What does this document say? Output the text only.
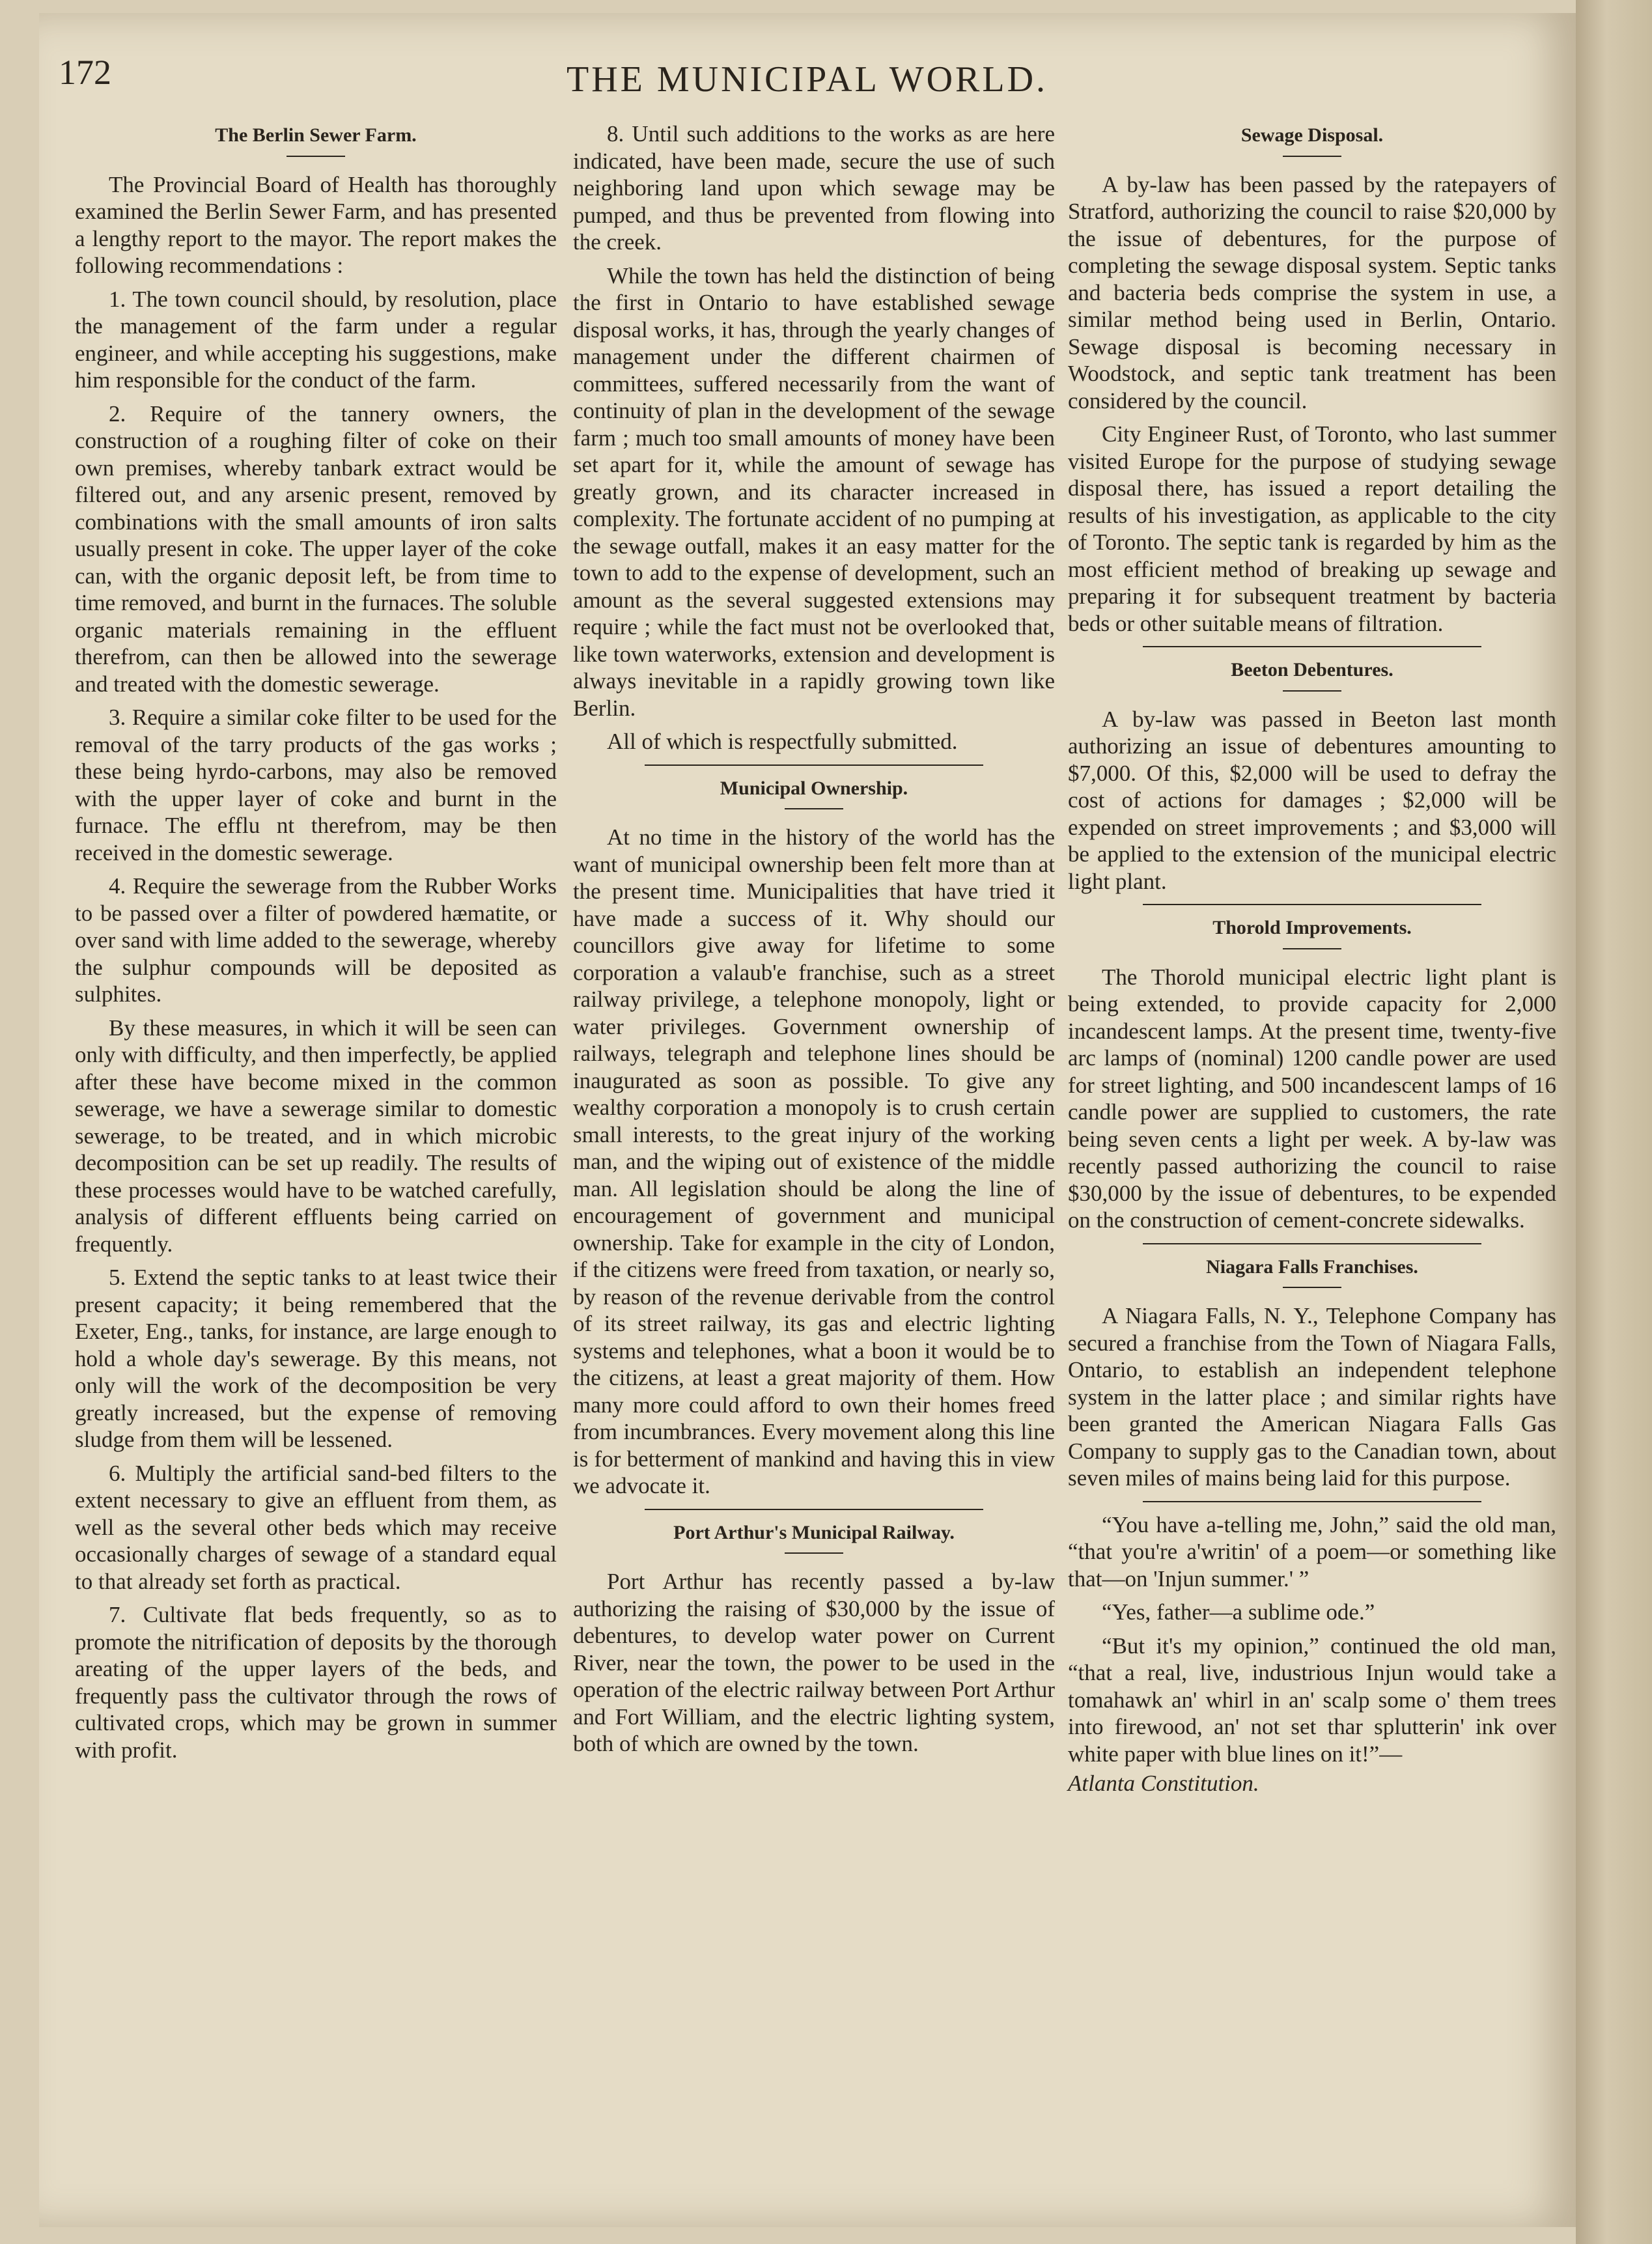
172	THE MUNICIPAL WORLD.
The Berlin Sewer Farm.

The Provincial Board of Health has thoroughly examined the Berlin Sewer Farm, and has presented a lengthy report to the mayor. The report makes the following recommendations :

1. The town council should, by resolution, place the management of the farm under a regular engineer, and while accepting his suggestions, make him responsible for the conduct of the farm.

2. Require of the tannery owners, the construction of a roughing filter of coke on their own premises, whereby tanbark extract would be filtered out, and any arsenic present, removed by combinations with the small amounts of iron salts usually present in coke. The upper layer of the coke can, with the organic deposit left, be from time to time removed, and burnt in the furnaces. The soluble organic materials remaining in the effluent therefrom, can then be allowed into the sewerage and treated with the domestic sewerage.

3. Require a similar coke filter to be used for the removal of the tarry products of the gas works ; these being hyrdo-carbons, may also be removed with the upper layer of coke and burnt in the furnace. The efflu nt therefrom, may be then received in the domestic sewerage.

4. Require the sewerage from the Rubber Works to be passed over a filter of powdered hæmatite, or over sand with lime added to the sewerage, whereby the sulphur compounds will be deposited as sulphites.

By these measures, in which it will be seen can only with difficulty, and then imperfectly, be applied after these have become mixed in the common sewerage, we have a sewerage similar to domestic sewerage, to be treated, and in which microbic decomposition can be set up readily. The results of these processes would have to be watched carefully, analysis of different effluents being carried on frequently.

5. Extend the septic tanks to at least twice their present capacity; it being remembered that the Exeter, Eng., tanks, for instance, are large enough to hold a whole day's sewerage. By this means, not only will the work of the decomposition be very greatly increased, but the expense of removing sludge from them will be lessened.

6. Multiply the artificial sand-bed filters to the extent necessary to give an effluent from them, as well as the several other beds which may receive occasionally charges of sewage of a standard equal to that already set forth as practical.

7. Cultivate flat beds frequently, so as to promote the nitrification of deposits by the thorough areating of the upper layers of the beds, and frequently pass the cultivator through the rows of cultivated crops, which may be grown in summer with profit.

8. Until such additions to the works as are here indicated, have been made, secure the use of such neighboring land upon which sewage may be pumped, and thus be prevented from flowing into the creek.

While the town has held the distinction of being the first in Ontario to have established sewage disposal works, it has, through the yearly changes of management under the different chairmen of committees, suffered necessarily from the want of continuity of plan in the development of the sewage farm ; much too small amounts of money have been set apart for it, while the amount of sewage has greatly grown, and its character increased in complexity. The fortunate accident of no pumping at the sewage outfall, makes it an easy matter for the town to add to the expense of development, such an amount as the several suggested extensions may require ; while the fact must not be overlooked that, like town waterworks, extension and development is always inevitable in a rapidly growing town like Berlin.

All of which is respectfully submitted.

Municipal Ownership.

At no time in the history of the world has the want of municipal ownership been felt more than at the present time. Municipalities that have tried it have made a success of it. Why should our councillors give away for lifetime to some corporation a valaub'e franchise, such as a street railway privilege, a telephone monopoly, light or water privileges. Government ownership of railways, telegraph and telephone lines should be inaugurated as soon as possible. To give any wealthy corporation a monopoly is to crush certain small interests, to the great injury of the working man, and the wiping out of existence of the middle man. All legislation should be along the line of encouragement of government and municipal ownership. Take for example in the city of London, if the citizens were freed from taxation, or nearly so, by reason of the revenue derivable from the control of its street railway, its gas and electric lighting systems and telephones, what a boon it would be to the citizens, at least a great majority of them. How many more could afford to own their homes freed from incumbrances. Every movement along this line is for betterment of mankind and having this in view we advocate it.

Port Arthur's Municipal Railway.

Port Arthur has recently passed a by-law authorizing the raising of $30,000 by the issue of debentures, to develop water power on Current River, near the town, the power to be used in the operation of the electric railway between Port Arthur and Fort William, and the electric lighting system, both of which are owned by the town.

Sewage Disposal.

A by-law has been passed by the ratepayers of Stratford, authorizing the council to raise $20,000 by the issue of debentures, for the purpose of completing the sewage disposal system. Septic tanks and bacteria beds comprise the system in use, a similar method being used in Berlin, Ontario. Sewage disposal is becoming necessary in Woodstock, and septic tank treatment has been considered by the council.

City Engineer Rust, of Toronto, who last summer visited Europe for the purpose of studying sewage disposal there, has issued a report detailing the results of his investigation, as applicable to the city of Toronto. The septic tank is regarded by him as the most efficient method of breaking up sewage and preparing it for subsequent treatment by bacteria beds or other suitable means of filtration.

Beeton Debentures.

A by-law was passed in Beeton last month authorizing an issue of debentures amounting to $7,000. Of this, $2,000 will be used to defray the cost of actions for damages ; $2,000 will be expended on street improvements ; and $3,000 will be applied to the extension of the municipal electric light plant.

Thorold Improvements.

The Thorold municipal electric light plant is being extended, to provide capacity for 2,000 incandescent lamps. At the present time, twenty-five arc lamps of (nominal) 1200 candle power are used for street lighting, and 500 incandescent lamps of 16 candle power are supplied to customers, the rate being seven cents a light per week. A by-law was recently passed authorizing the council to raise $30,000 by the issue of debentures, to be expended on the construction of cement-concrete sidewalks.

Niagara Falls Franchises.

A Niagara Falls, N. Y., Telephone Company has secured a franchise from the Town of Niagara Falls, Ontario, to establish an independent telephone system in the latter place ; and similar rights have been granted the American Niagara Falls Gas Company to supply gas to the Canadian town, about seven miles of mains being laid for this purpose.

“You have a-telling me, John,” said the old man, “that you're a'writin' of a poem—or something like that—on 'Injun summer.' ”

“Yes, father—a sublime ode.”

“But it's my opinion,” continued the old man, “that a real, live, industrious Injun would take a tomahawk an' whirl in an' scalp some o' them trees into firewood, an' not set thar splutterin' ink over white paper with blue lines on it!”—

Atlanta Constitution.
